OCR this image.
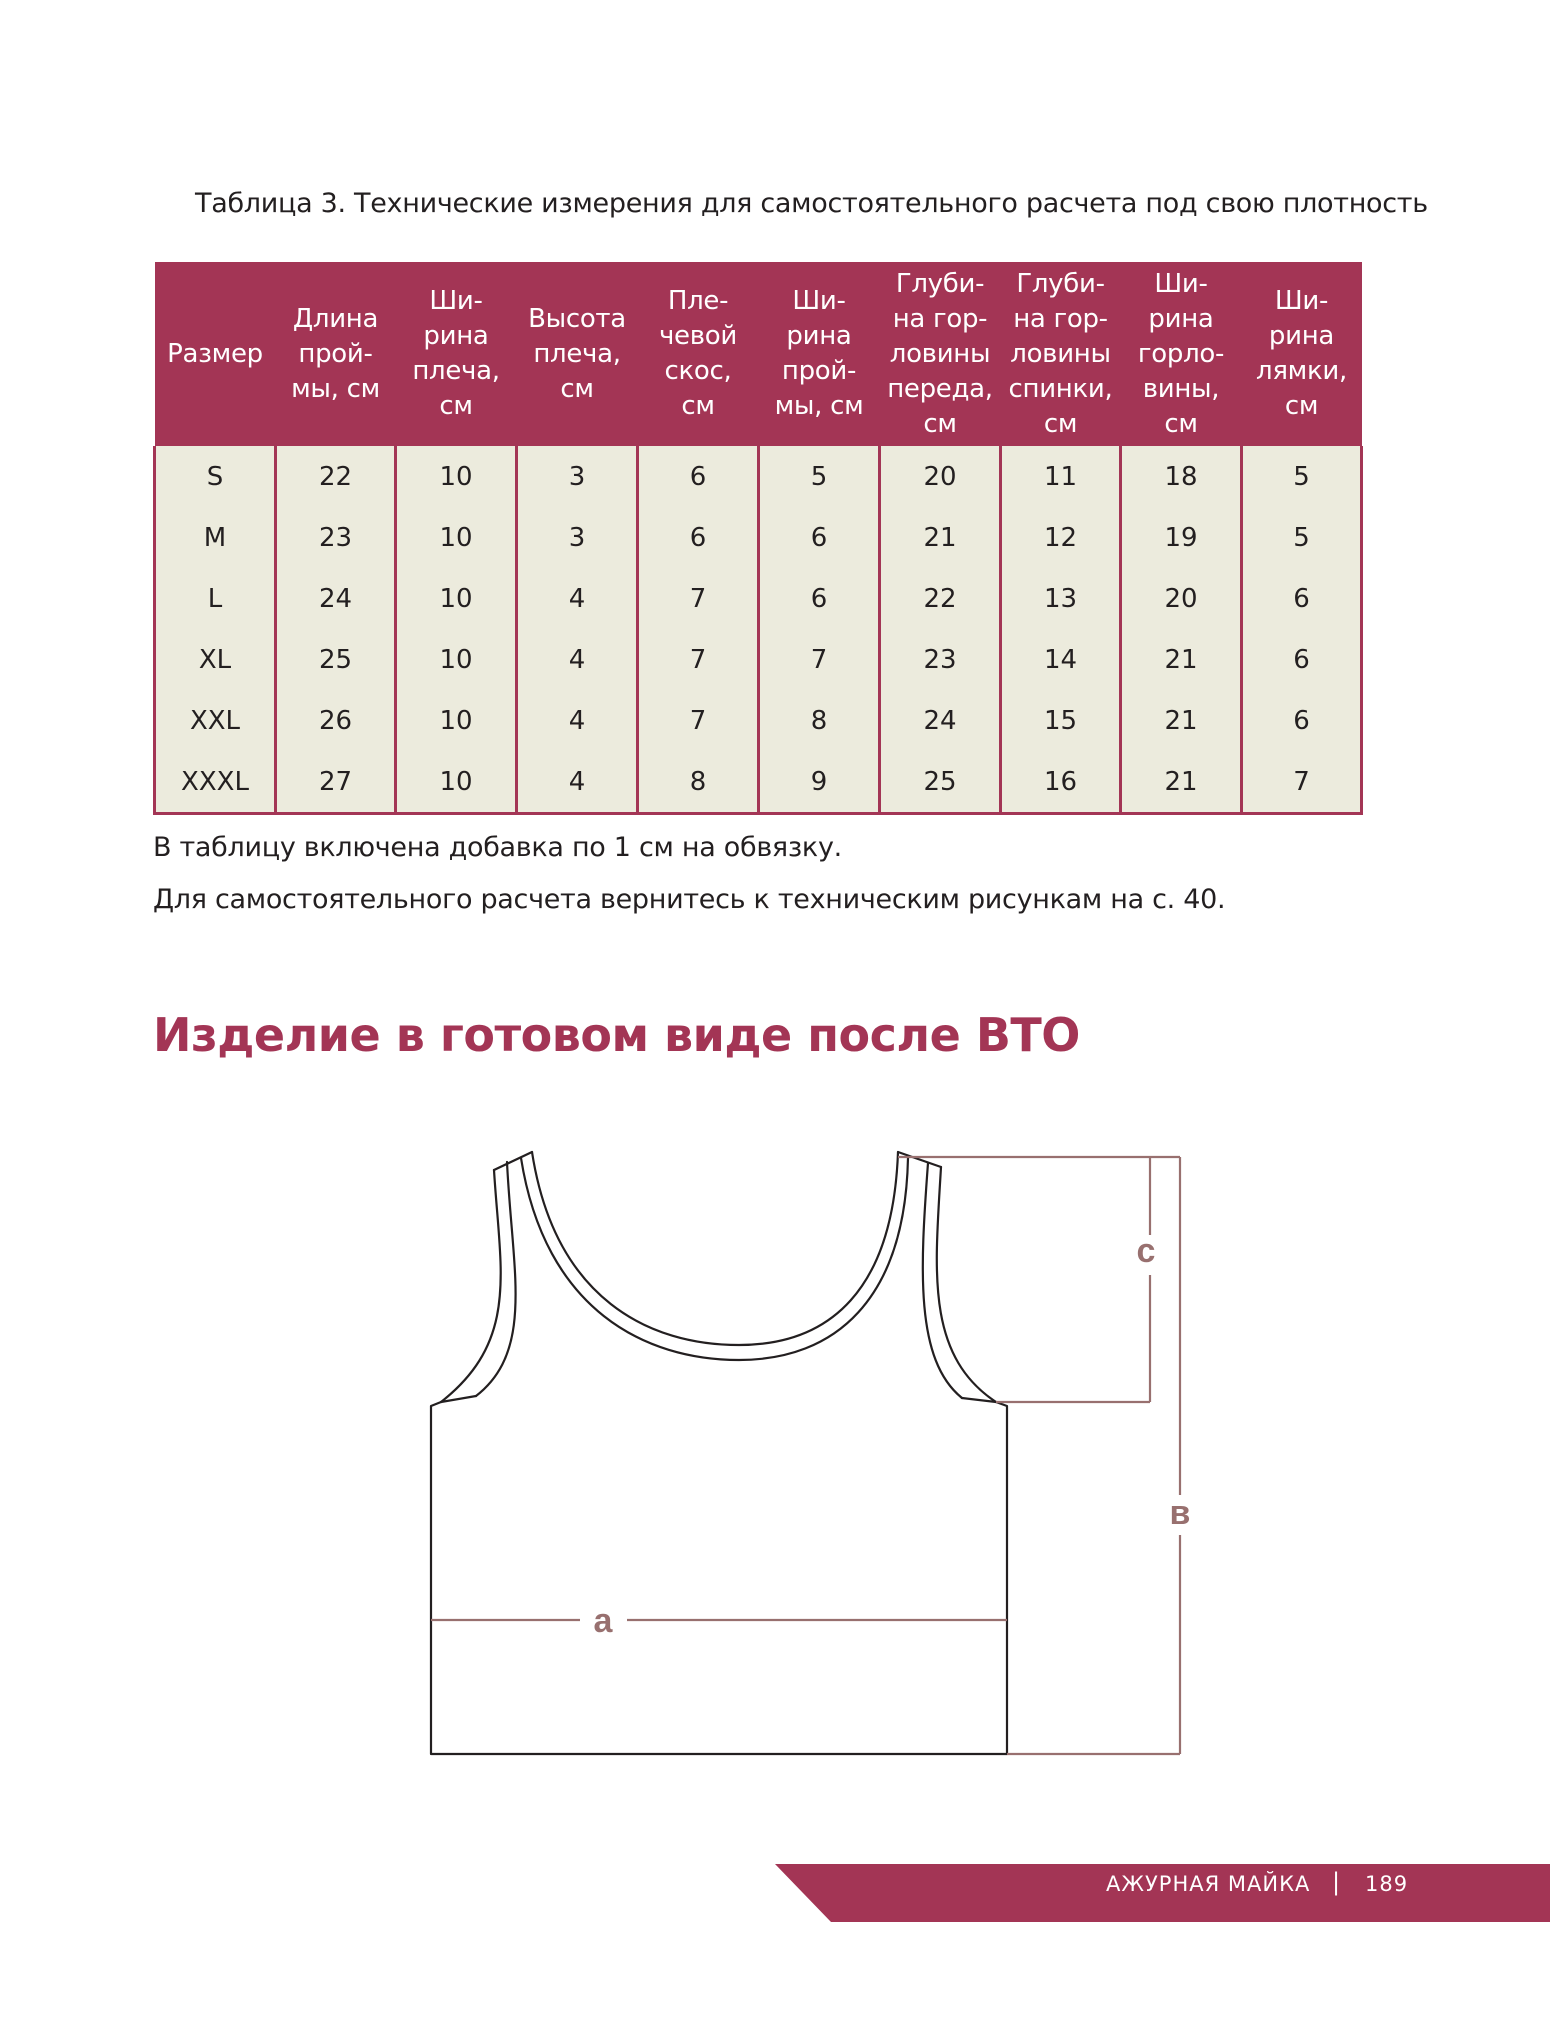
Таблица 3. Технические измерения для самостоятельного расчета под свою плотность
Размер	Длина
прой-
мы, см	Ши-
рина
плеча,
см	Высота
плеча,
см	Пле-
чевой
скос,
см	Ши-
рина
прой-
мы, см	Глуби-
на гор-
ловины
переда,
см	Глуби-
на гор-
ловины
спинки,
см	Ши-
рина
горло-
вины,
см	Ши-
рина
лямки,
см
S	22	10	3	6	5	20	11	18	5
M	23	10	3	6	6	21	12	19	5
L	24	10	4	7	6	22	13	20	6
XL	25	10	4	7	7	23	14	21	6
XXL	26	10	4	7	8	24	15	21	6
XXXL	27	10	4	8	9	25	16	21	7
В таблицу включена добавка по 1 см на обвязку.
Для самостоятельного расчета вернитесь к техническим рисункам на с. 40.
Изделие в готовом виде после ВТО
a
c
в
АЖУРНАЯ МАЙКА | 189
